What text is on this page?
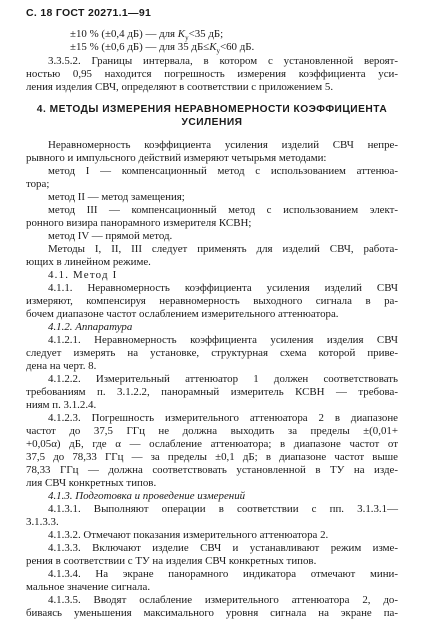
С. 18 ГОСТ 20271.1—91
±10 % (±0,4 дБ) — для $K_у<35$ дБ;
±15 % (±0,6 дБ) — для 35 $дБ\le K_у<60$ дБ.
3.3.5.2. Границы интервала, в котором с установленной вероят-
ностью 0,95 находится погрешность измерения коэффициента уси-
ления изделия СВЧ, определяют в соответствии с приложением 5.
4. МЕТОДЫ ИЗМЕРЕНИЯ НЕРАВНОМЕРНОСТИ КОЭФФИЦИЕНТА
УСИЛЕНИЯ
Неравномерность коэффициента усиления изделий СВЧ непре-
рывного и импульсного действий измеряют четырьмя методами:
метод I — компенсационный метод с использованием аттенюа-
тора;
метод II — метод замещения;
метод III — компенсационный метод с использованием элект-
ронного визира панорамного измерителя КСВН;
метод IV — прямой метод.
Методы I, II, III следует применять для изделий СВЧ, работа-
ющих в линейном режиме.
4.1. Метод I
4.1.1. Неравномерность коэффициента усиления изделий СВЧ
измеряют, компенсируя неравномерность выходного сигнала в ра-
бочем диапазоне частот ослаблением измерительного аттенюатора.
4.1.2. Аппаратура
4.1.2.1. Неравномерность коэффициента усиления изделия СВЧ
следует измерять на установке, структурная схема которой приве-
дена на черт. 8.
4.1.2.2. Измерительный аттенюатор 1 должен соответствовать
требованиям п. 3.1.2.2, панорамный измеритель КСВН — требова-
ниям п. 3.1.2.4.
4.1.2.3. Погрешность измерительного аттенюатора 2 в диапазоне
частот до 37,5 ГГц не должна выходить за пределы ±(0,01+
+0,05α) дБ, где α — ослабление аттенюатора; в диапазоне частот от
37,5 до 78,33 ГГц — за пределы ±0,1 дБ; в диапазоне частот выше
78,33 ГГц — должна соответствовать установленной в ТУ на изде-
лия СВЧ конкретных типов.
4.1.3. Подготовка и проведение измерений
4.1.3.1. Выполняют операции в соответствии с пп. 3.1.3.1—
3.1.3.3.
4.1.3.2. Отмечают показания измерительного аттенюатора 2.
4.1.3.3. Включают изделие СВЧ и устанавливают режим изме-
рения в соответствии с ТУ на изделия СВЧ конкретных типов.
4.1.3.4. На экране панорамного индикатора отмечают мини-
мальное значение сигнала.
4.1.3.5. Вводят ослабление измерительного аттенюатора 2, до-
биваясь уменьшения максимального уровня сигнала на экране па-
